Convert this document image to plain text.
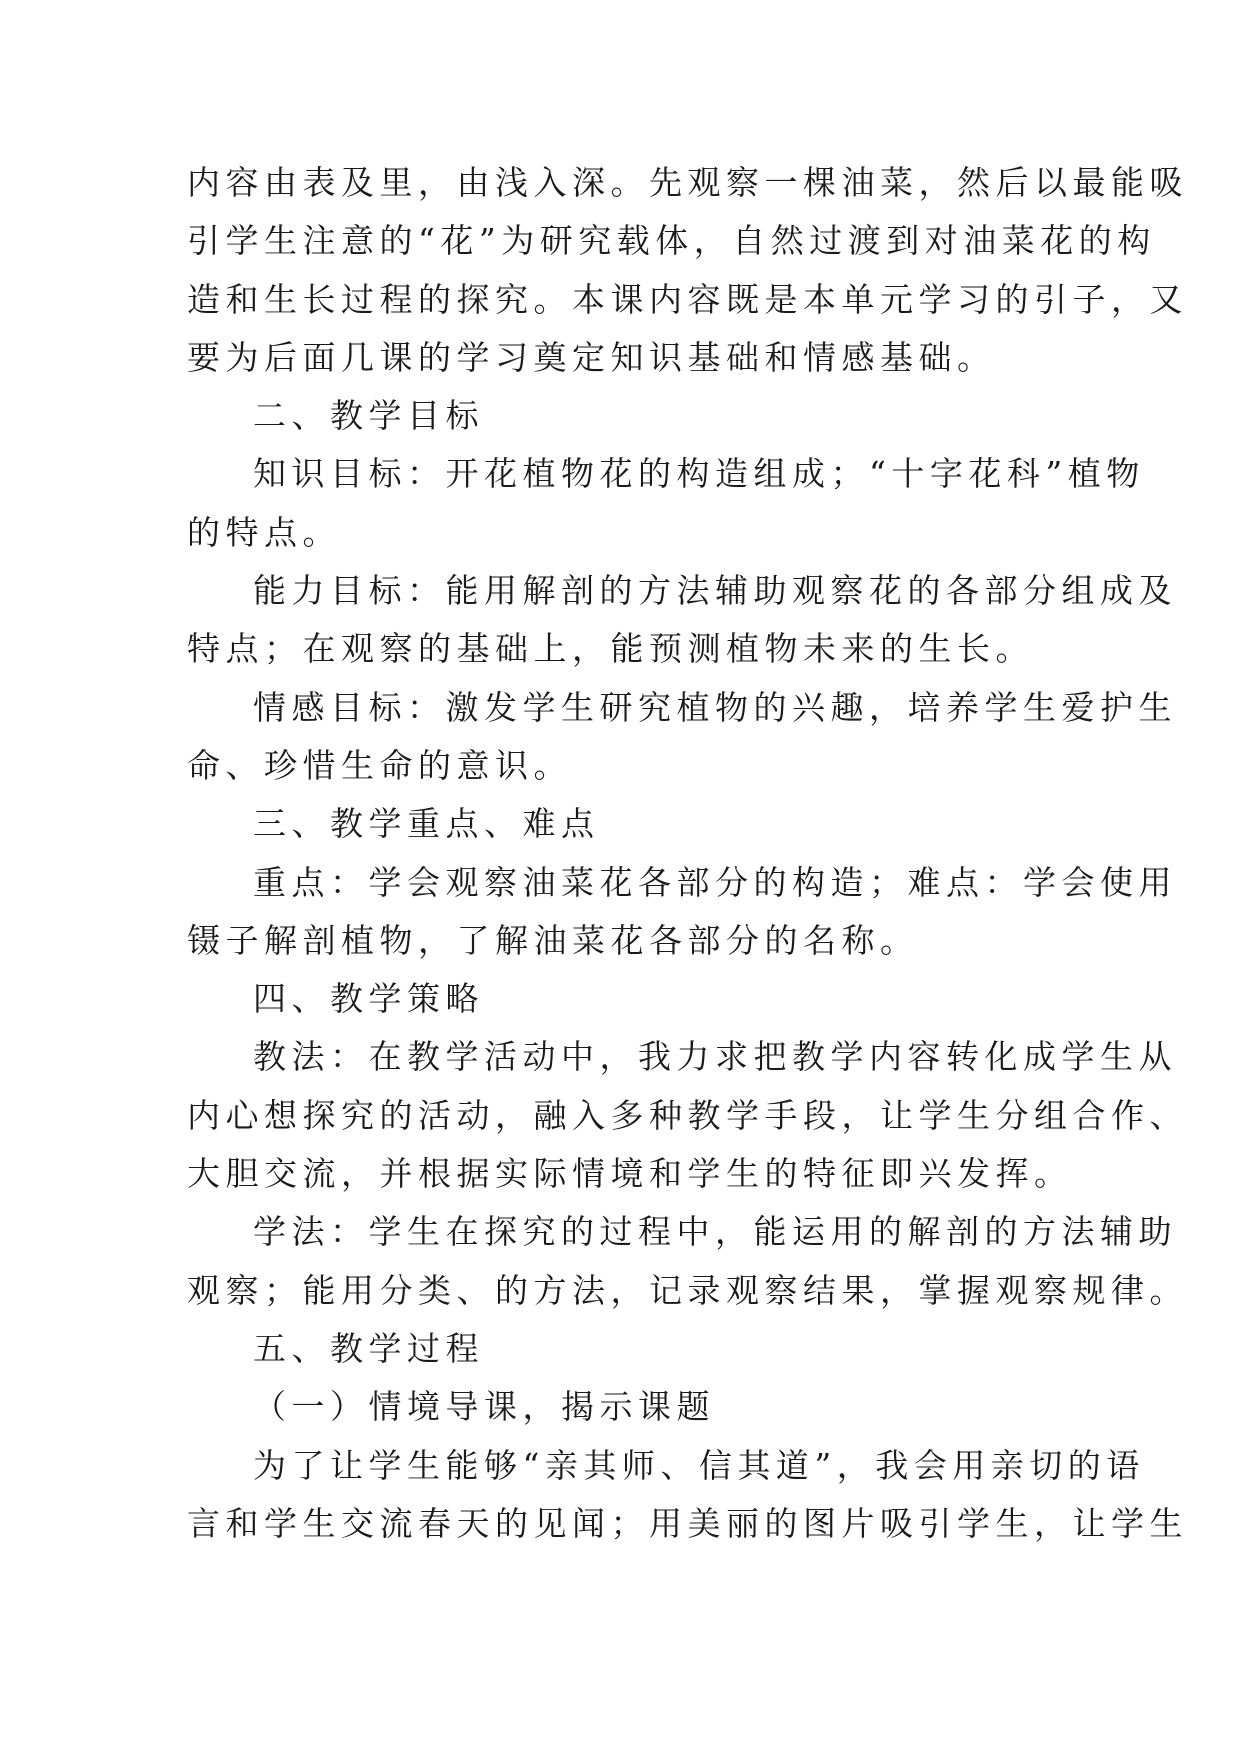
内容由表及里，由浅入深。先观察一棵油菜，然后以最能吸
引学生注意的“花”为研究载体，自然过渡到对油菜花的构
造和生长过程的探究。本课内容既是本单元学习的引子，又
要为后面几课的学习奠定知识基础和情感基础。
二、教学目标
知识目标：开花植物花的构造组成；“十字花科”植物
的特点。
能力目标：能用解剖的方法辅助观察花的各部分组成及
特点；在观察的基础上，能预测植物未来的生长。
情感目标：激发学生研究植物的兴趣，培养学生爱护生
命、珍惜生命的意识。
三、教学重点、难点
重点：学会观察油菜花各部分的构造；难点：学会使用
镊子解剖植物，了解油菜花各部分的名称。
四、教学策略
教法：在教学活动中，我力求把教学内容转化成学生从
内心想探究的活动，融入多种教学手段，让学生分组合作、
大胆交流，并根据实际情境和学生的特征即兴发挥。
学法：学生在探究的过程中，能运用的解剖的方法辅助
观察；能用分类、的方法，记录观察结果，掌握观察规律。
五、教学过程
（一）情境导课，揭示课题
为了让学生能够“亲其师、信其道”，我会用亲切的语
言和学生交流春天的见闻；用美丽的图片吸引学生，让学生
